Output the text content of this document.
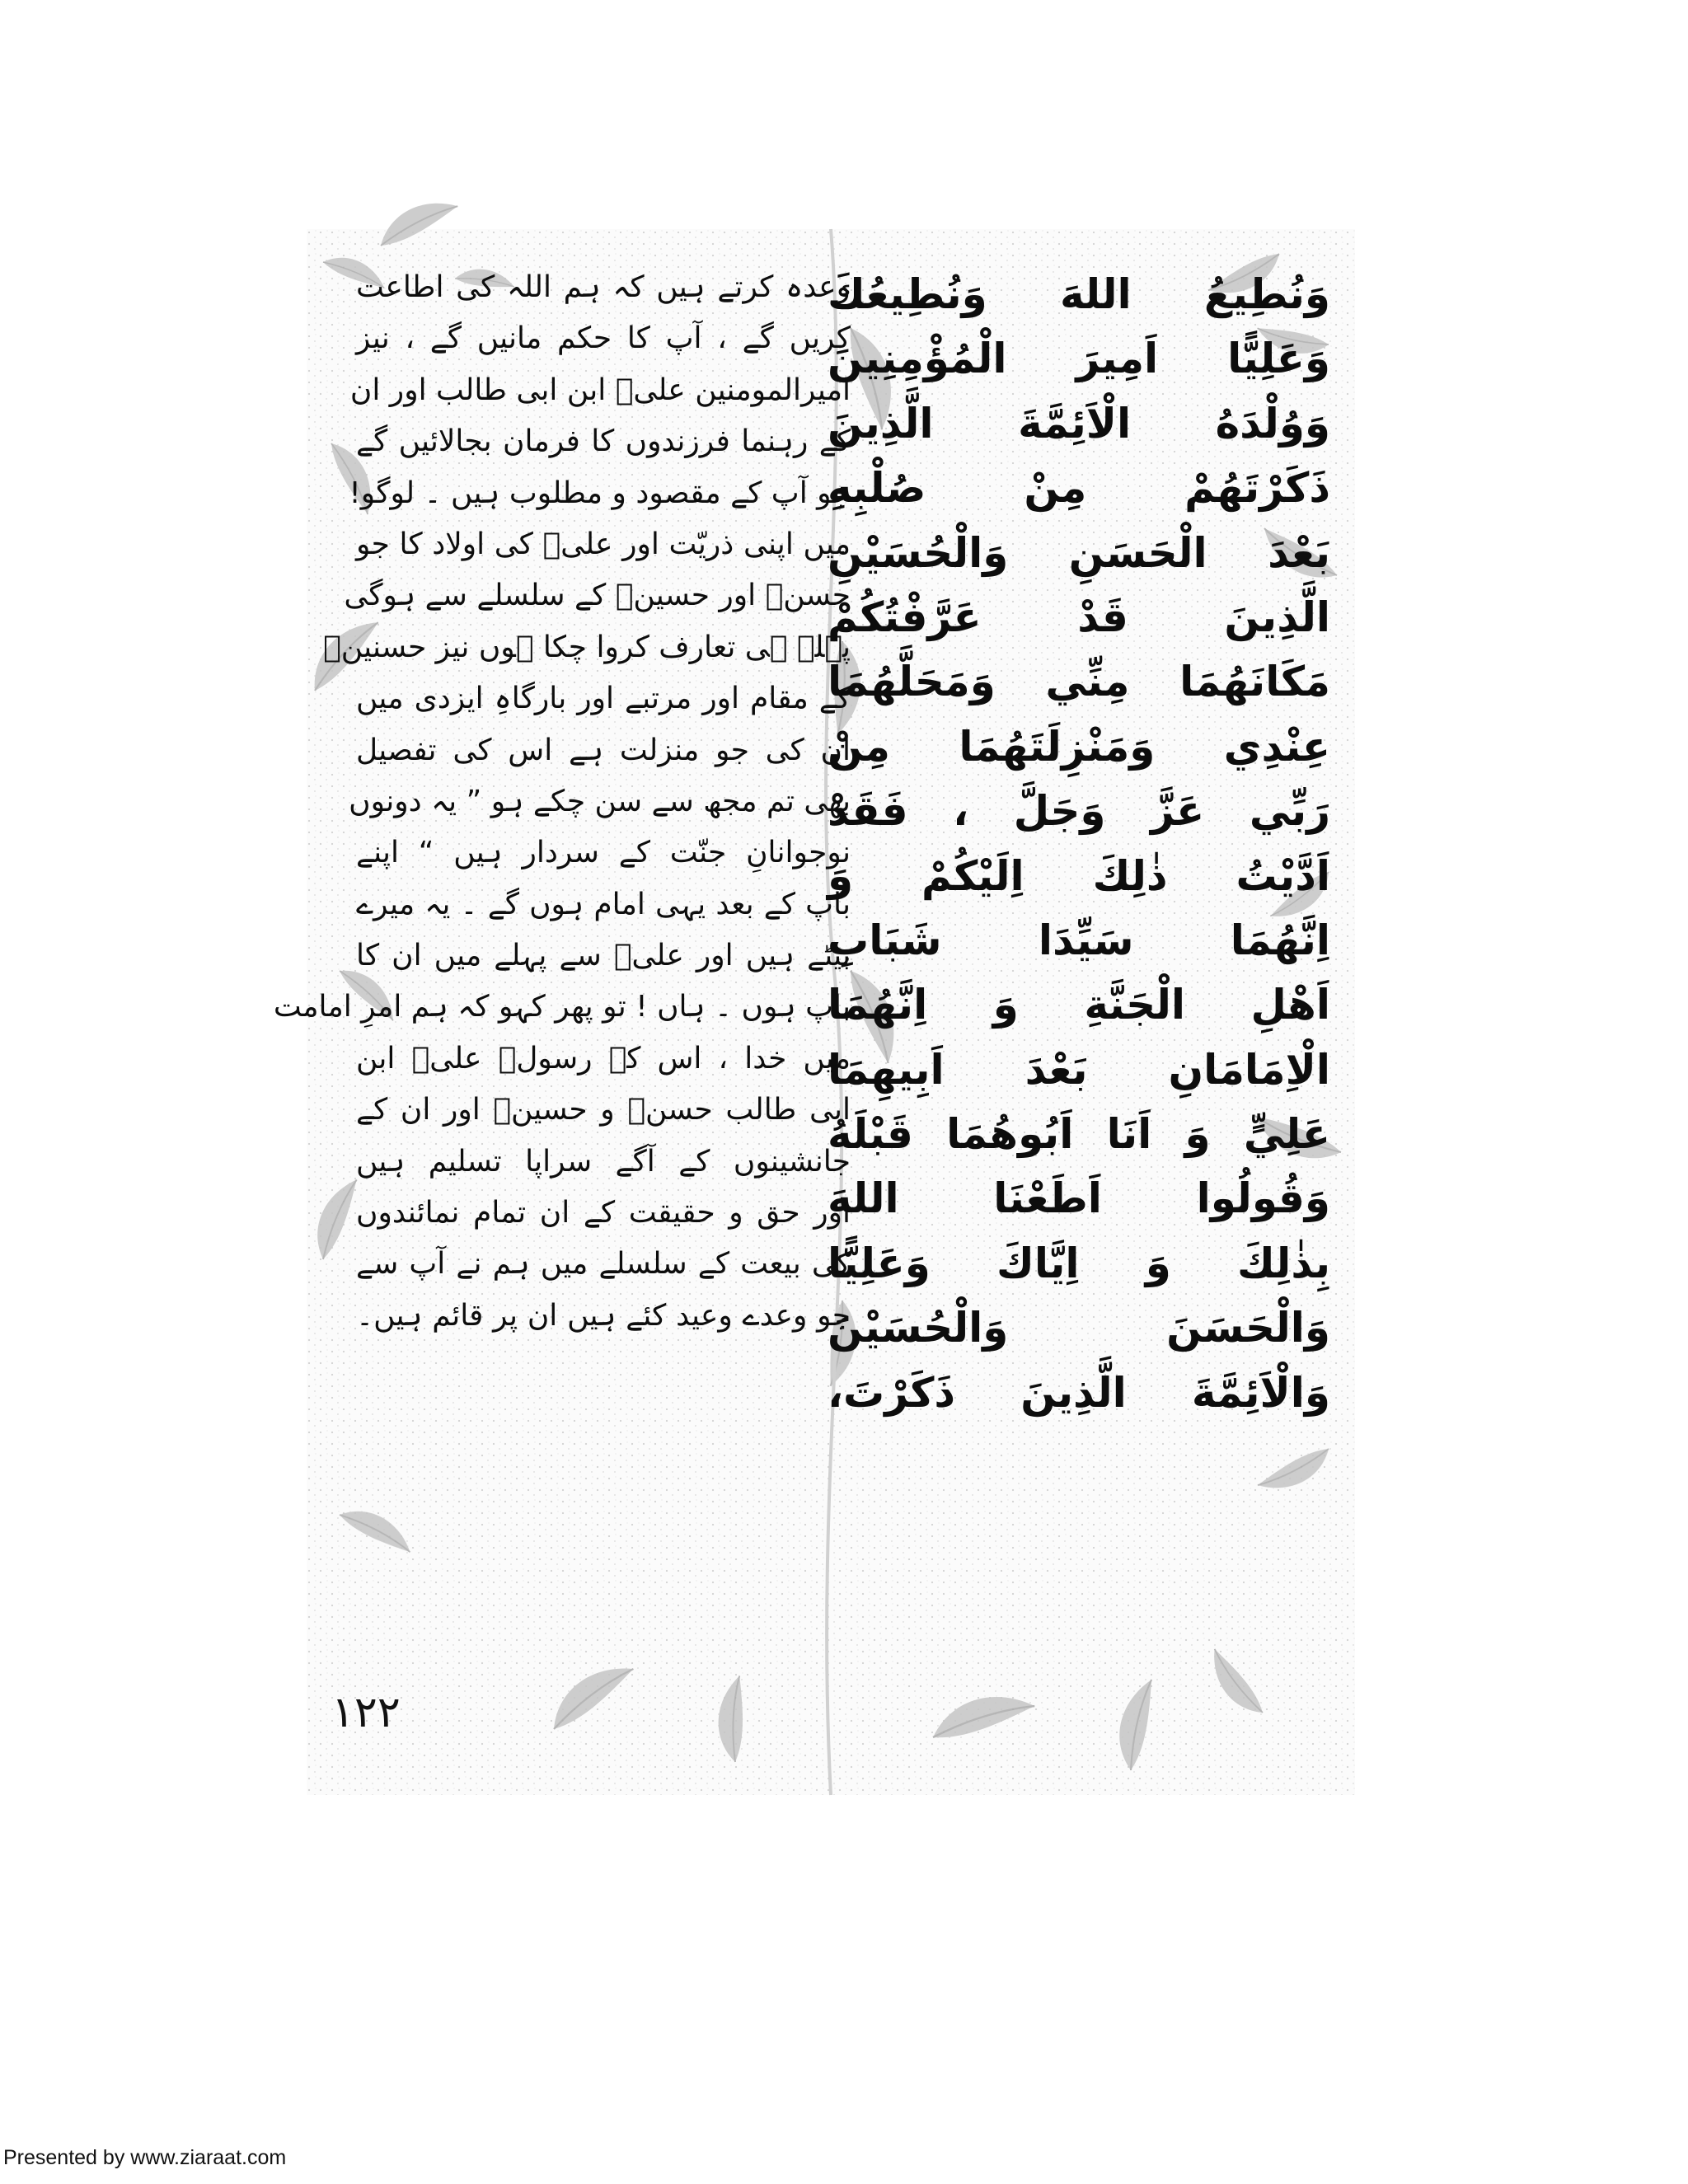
وَنُطِيعُ اللهَ وَنُطِيعُكَ
وَعَلِيًّا اَمِيرَ الْمُؤْمِنِينَ
وَوُلْدَهُ الْاَئِمَّةَ الَّذِينَ
ذَكَرْتَهُمْ مِنْ صُلْبِهِ
بَعْدَ الْحَسَنِ وَالْحُسَيْنِ
الَّذِينَ قَدْ عَرَّفْتُكُمْ
مَكَانَهُمَا مِنِّي وَمَحَلَّهُمَا
عِنْدِي وَمَنْزِلَتَهُمَا مِنْ
رَبِّي عَزَّ وَجَلَّ ، فَقَدْ
اَدَّيْتُ ذٰلِكَ اِلَيْكُمْ وَ
اِنَّهُمَا سَيِّدَا شَبَابِ
اَهْلِ الْجَنَّةِ وَ اِنَّهُمَا
الْاِمَامَانِ بَعْدَ اَبِيهِمَا
عَلِيٍّ وَ اَنَا اَبُوهُمَا قَبْلَهُ
وَقُولُوا اَطَعْنَا اللهَ
بِذٰلِكَ وَ اِيَّاكَ وَعَلِيًّا
وَالْحَسَنَ وَالْحُسَيْنَ
وَالْاَئِمَّةَ الَّذِينَ ذَكَرْتَ،
وعدہ کرتے ہیں کہ ہم اللہ کی اطاعت
کریں گے ، آپ کا حکم مانیں گے ، نیز
امیرالمومنین علیؑ ابن ابی طالب اور ان
کے رہنما فرزندوں کا فرمان بجالائیں گے
جو آپ کے مقصود و مطلوب ہیں ۔ لوگو!
میں اپنی ذریّت اور علیؑ کی اولاد کا جو
حسنؑ اور حسینؑ کے سلسلے سے ہوگی
پہلے ہی تعارف کروا چکا ہوں نیز حسنینؑ
کے مقام اور مرتبے اور بارگاہِ ایزدی میں
ان کی جو منزلت ہے اس کی تفصیل
بھی تم مجھ سے سن چکے ہو ” یہ دونوں
نوجوانانِ جنّت کے سردار ہیں “ اپنے
باپ کے بعد یہی امام ہوں گے ۔ یہ میرے
بیٹے ہیں اور علیؑ سے پہلے میں ان کا
باپ ہوں ۔ ہاں ! تو پھر کہو کہ ہم امرِ امامت
میں خدا ، اس کے رسولؐ علیؑ ابن
ابی طالب حسنؑ و حسینؑ اور ان کے
جانشینوں کے آگے سراپا تسلیم ہیں
اور حق و حقیقت کے ان تمام نمائندوں
کی بیعت کے سلسلے میں ہم نے آپ سے
جو وعدے وعید کئے ہیں ان پر قائم ہیں۔
١٢٢
Presented by www.ziaraat.com
